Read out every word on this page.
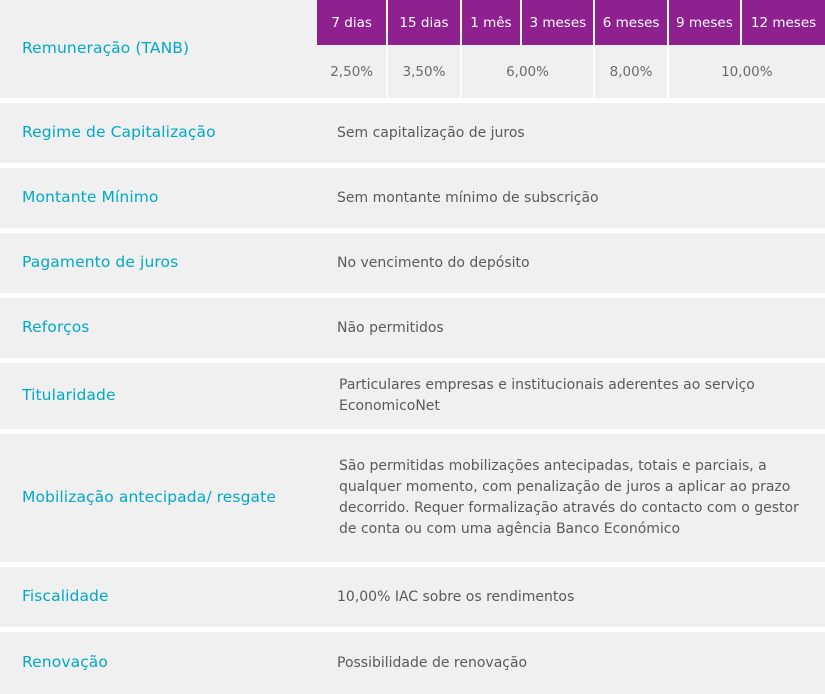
Remuneração (TANB)	
7 dias	15 dias	1 mês	3 meses	6 meses	9 meses	12 meses
2,50%	3,50%	6,00%	8,00%	10,00%

Regime de Capitalização	Sem capitalização de juros

Montante Mínimo	Sem montante mínimo de subscrição

Pagamento de juros	No vencimento do depósito

Reforços	Não permitidos

Titularidade	Particulares empresas e institucionais aderentes ao serviço EconomicoNet

Mobilização antecipada/ resgate	São permitidas mobilizações antecipadas, totais e parciais, a qualquer momento, com penalização de juros a aplicar ao prazo decorrido. Requer formalização através do contacto com o gestor de conta ou com uma agência Banco Económico

Fiscalidade	10,00% IAC sobre os rendimentos

Renovação	Possibilidade de renovação
